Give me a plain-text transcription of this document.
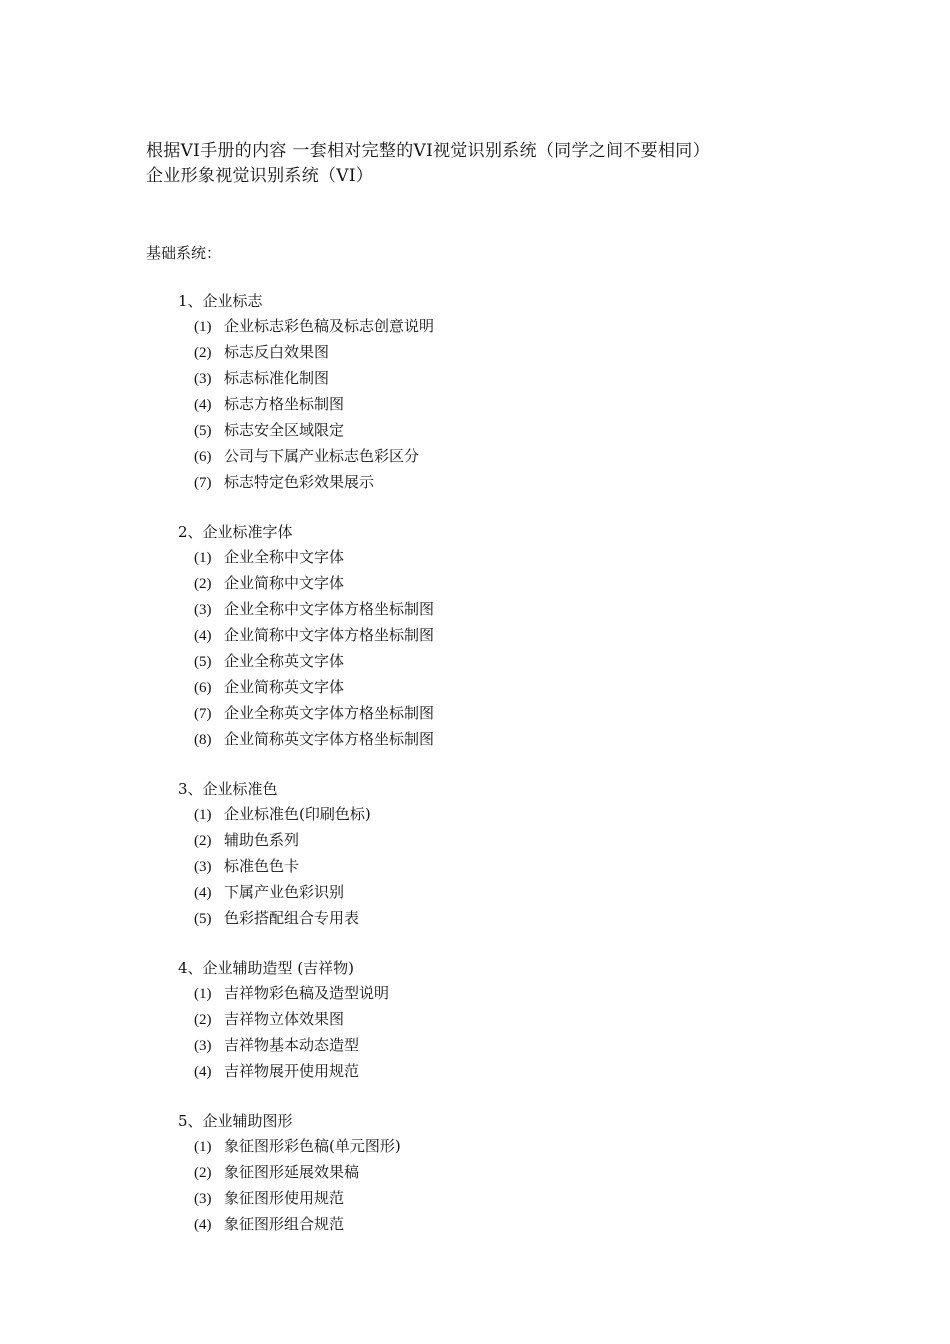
根据VI手册的内容 一套相对完整的VI视觉识别系统（同学之间不要相同）
企业形象视觉识别系统（VI）
基础系统：
1、企业标志
(1) 企业标志彩色稿及标志创意说明
(2) 标志反白效果图
(3) 标志标准化制图
(4) 标志方格坐标制图
(5) 标志安全区域限定
(6) 公司与下属产业标志色彩区分
(7) 标志特定色彩效果展示
2、企业标准字体
(1) 企业全称中文字体
(2) 企业简称中文字体
(3) 企业全称中文字体方格坐标制图
(4) 企业简称中文字体方格坐标制图
(5) 企业全称英文字体
(6) 企业简称英文字体
(7) 企业全称英文字体方格坐标制图
(8) 企业简称英文字体方格坐标制图
3、企业标准色
(1) 企业标准色(印刷色标)
(2) 辅助色系列
(3) 标准色色卡
(4) 下属产业色彩识别
(5) 色彩搭配组合专用表
4、企业辅助造型 (吉祥物)
(1) 吉祥物彩色稿及造型说明
(2) 吉祥物立体效果图
(3) 吉祥物基本动态造型
(4) 吉祥物展开使用规范
5、企业辅助图形
(1) 象征图形彩色稿(单元图形)
(2) 象征图形延展效果稿
(3) 象征图形使用规范
(4) 象征图形组合规范
